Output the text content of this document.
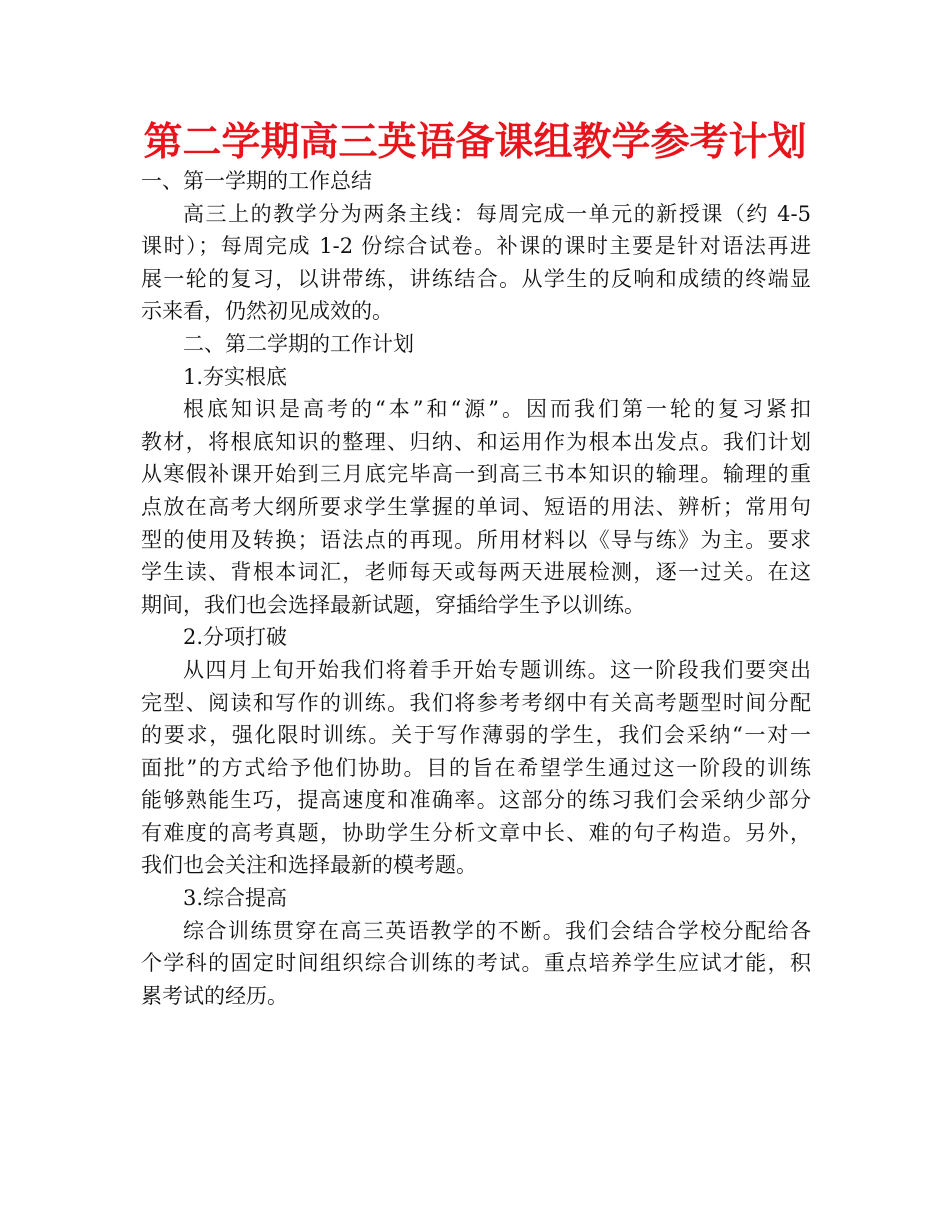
第二学期高三英语备课组教学参考计划
一、第一学期的工作总结
高三上的教学分为两条主线：每周完成一单元的新授课（约 4-5
课时）；每周完成 1-2 份综合试卷。补课的课时主要是针对语法再进
展一轮的复习，以讲带练，讲练结合。从学生的反响和成绩的终端显
示来看，仍然初见成效的。
二、第二学期的工作计划
1.夯实根底
根底知识是高考的“本”和“源”。因而我们第一轮的复习紧扣
教材，将根底知识的整理、归纳、和运用作为根本出发点。我们计划
从寒假补课开始到三月底完毕高一到高三书本知识的输理。输理的重
点放在高考大纲所要求学生掌握的单词、短语的用法、辨析；常用句
型的使用及转换；语法点的再现。所用材料以《导与练》为主。要求
学生读、背根本词汇，老师每天或每两天进展检测，逐一过关。在这
期间，我们也会选择最新试题，穿插给学生予以训练。
2.分项打破
从四月上旬开始我们将着手开始专题训练。这一阶段我们要突出
完型、阅读和写作的训练。我们将参考考纲中有关高考题型时间分配
的要求，强化限时训练。关于写作薄弱的学生，我们会采纳“一对一
面批”的方式给予他们协助。目的旨在希望学生通过这一阶段的训练
能够熟能生巧，提高速度和准确率。这部分的练习我们会采纳少部分
有难度的高考真题，协助学生分析文章中长、难的句子构造。另外，
我们也会关注和选择最新的模考题。
3.综合提高
综合训练贯穿在高三英语教学的不断。我们会结合学校分配给各
个学科的固定时间组织综合训练的考试。重点培养学生应试才能，积
累考试的经历。
